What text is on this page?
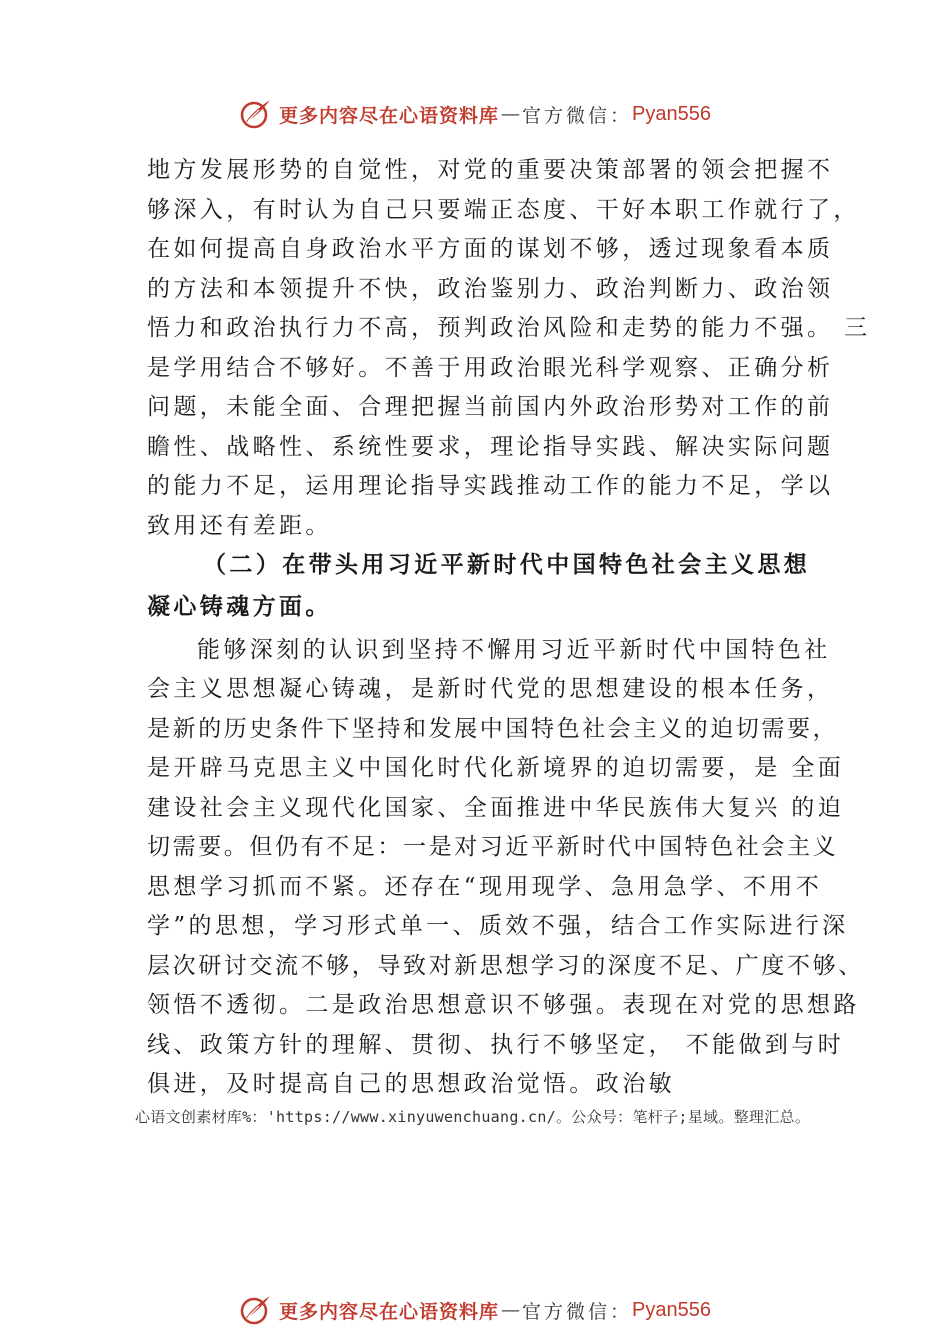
更多内容尽在心语资料库 — 官方微信： Pyan556

地方发展形势的自觉性，对党的重要决策部署的领会把握不

够深入，有时认为自己只要端正态度、干好本职工作就行了，

在如何提高自身政治水平方面的谋划不够，透过现象看本质

的方法和本领提升不快，政治鉴别力、政治判断力、政治领

悟力和政治执行力不高，预判政治风险和走势的能力不强。 三

是学用结合不够好。不善于用政治眼光科学观察、正确分析

问题，未能全面、合理把握当前国内外政治形势对工作的前

瞻性、战略性、系统性要求，理论指导实践、解决实际问题

的能力不足，运用理论指导实践推动工作的能力不足，学以

致用还有差距。

（二）在带头用习近平新时代中国特色社会主义思想

凝心铸魂方面。

能够深刻的认识到坚持不懈用习近平新时代中国特色社

会主义思想凝心铸魂，是新时代党的思想建设的根本任务，

是新的历史条件下坚持和发展中国特色社会主义的迫切需要，

是开辟马克思主义中国化时代化新境界的迫切需要，是 全面

建设社会主义现代化国家、全面推进中华民族伟大复兴 的迫

切需要。但仍有不足：一是对习近平新时代中国特色社会主义

思想学习抓而不紧。还存在“现用现学、急用急学、不用不

学”的思想，学习形式单一、质效不强，结合工作实际进行深

层次研讨交流不够，导致对新思想学习的深度不足、广度不够、

领悟不透彻。二是政治思想意识不够强。表现在对党的思想路

线、政策方针的理解、贯彻、执行不够坚定， 不能做到与时

俱进，及时提高自己的思想政治觉悟。政治敏

心语文创素材库%：'https://www.xinyuwenchuang.cn/。公众号：笔杆子;星域。整理汇总。
更多内容尽在心语资料库 — 官方微信： Pyan556
